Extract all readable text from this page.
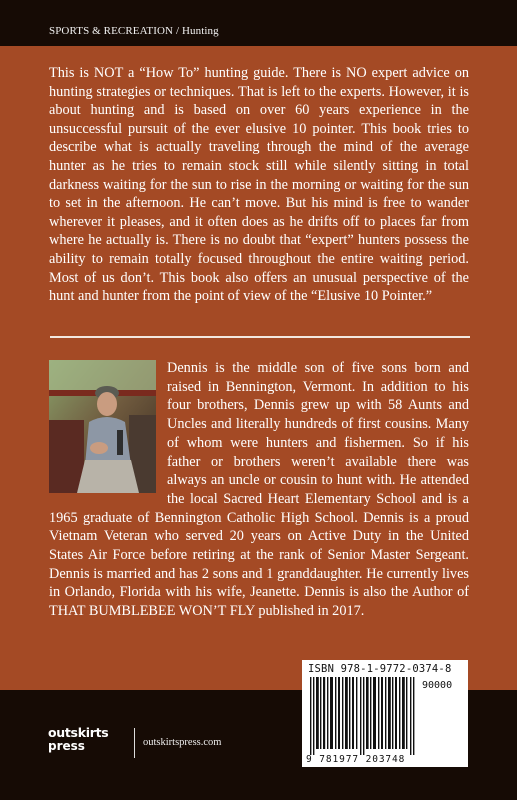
SPORTS & RECREATION / Hunting
This is NOT a “How To” hunting guide. There is NO expert advice on hunting strategies or techniques. That is left to the experts. However, it is about hunting and is based on over 60 years experience in the unsuccessful pursuit of the ever elusive 10 pointer. This book tries to describe what is actually traveling through the mind of the average hunter as he tries to remain stock still while silently sitting in total darkness waiting for the sun to rise in the morning or waiting for the sun to set in the afternoon. He can’t move. But his mind is free to wander wherever it pleases, and it often does as he drifts off to places far from where he actually is. There is no doubt that “expert” hunters possess the ability to remain totally focused throughout the entire waiting period. Most of us don’t. This book also offers an unusual perspective of the hunt and hunter from the point of view of the “Elusive 10 Pointer.”
Dennis is the middle son of five sons born and raised in Bennington, Vermont. In addition to his four brothers, Dennis grew up with 58 Aunts and Uncles and literally hundreds of first cousins. Many of whom were hunters and fishermen. So if his father or brothers weren’t available there was always an uncle or cousin to hunt with. He attended the local Sacred Heart Elementary School and is a 1965 graduate of Bennington Catholic High School. Dennis is a proud Vietnam Veteran who served 20 years on Active Duty in the United States Air Force before retiring at the rank of Senior Master Sergeant. Dennis is married and has 2 sons and 1 granddaughter. He currently lives in Orlando, Florida with his wife, Jeanette. Dennis is also the Author of THAT BUMBLEBEE WON’T FLY published in 2017.
ISBN 978-1-9772-0374-8
90000
9 781977 203748
outskirts
press	outskirtspress.com
